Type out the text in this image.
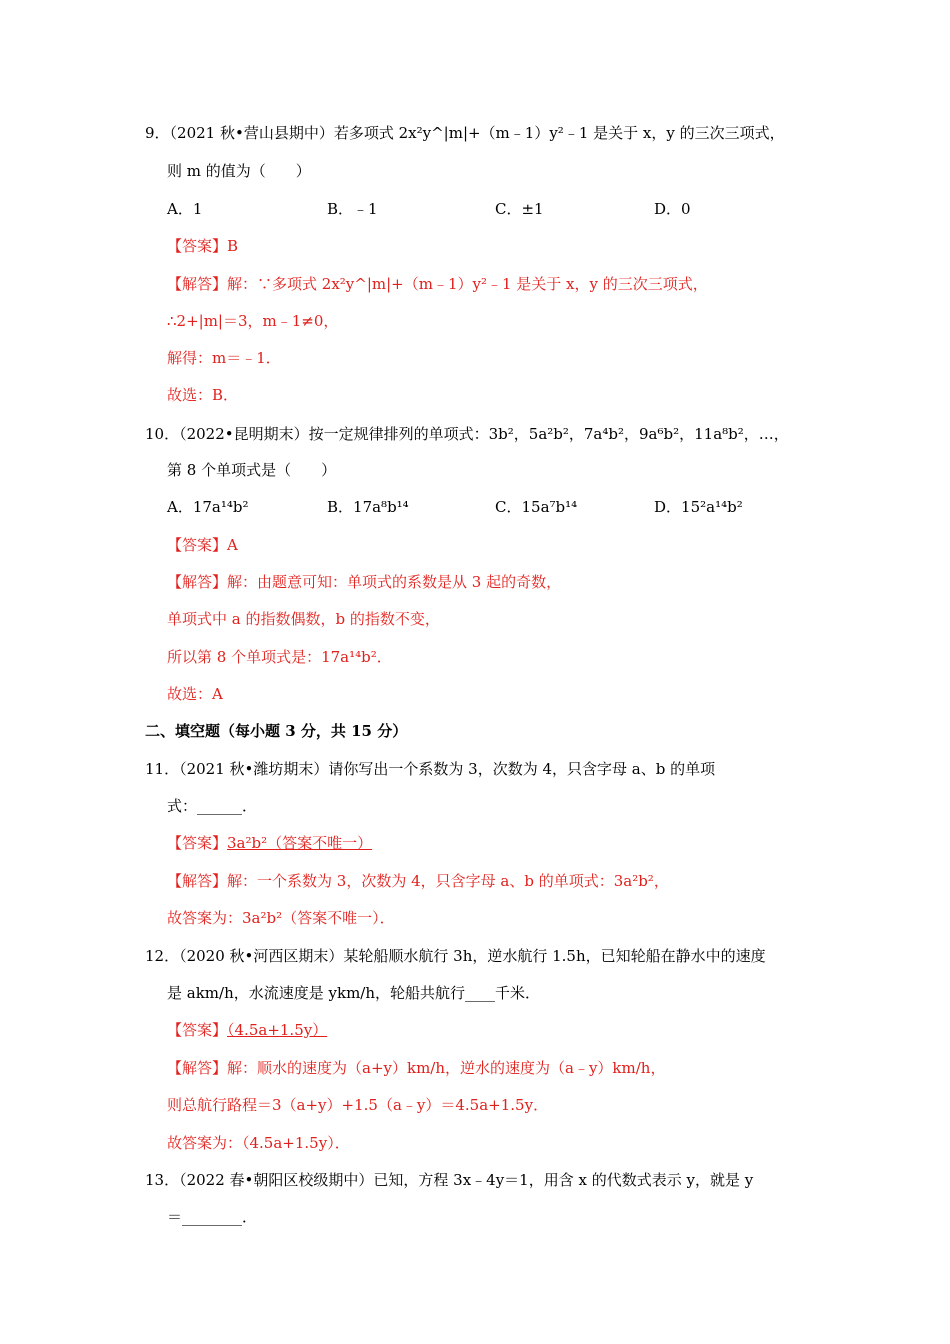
9．（2021 秋•营山县期中）若多项式 2x²y^|m|+（m﹣1）y²﹣1 是关于 x，y 的三次三项式，
则 m 的值为（　　）
A．1	B．﹣1	C．±1	D．0
【答案】B
【解答】解：∵多项式 2x²y^|m|+（m﹣1）y²﹣1 是关于 x，y 的三次三项式，
∴2+|m|＝3，m﹣1≠0，
解得：m＝﹣1．
故选：B．
10．（2022•昆明期末）按一定规律排列的单项式：3b²，5a²b²，7a⁴b²，9a⁶b²，11a⁸b²，…，
第 8 个单项式是（　　）
A．17a¹⁴b²	B．17a⁸b¹⁴	C．15a⁷b¹⁴	D．15²a¹⁴b²
【答案】A
【解答】解：由题意可知：单项式的系数是从 3 起的奇数，
单项式中 a 的指数偶数，b 的指数不变，
所以第 8 个单项式是：17a¹⁴b²．
故选：A
二、填空题（每小题 3 分，共 15 分）
11．（2021 秋•潍坊期末）请你写出一个系数为 3，次数为 4，只含字母 a、b 的单项
式：______．
【答案】3a²b²（答案不唯一）
【解答】解：一个系数为 3，次数为 4，只含字母 a、b 的单项式：3a²b²，
故答案为：3a²b²（答案不唯一）．
12．（2020 秋•河西区期末）某轮船顺水航行 3h，逆水航行 1.5h，已知轮船在静水中的速度
是 akm/h，水流速度是 ykm/h，轮船共航行____千米．
【答案】（4.5a+1.5y）
【解答】解：顺水的速度为（a+y）km/h，逆水的速度为（a﹣y）km/h，
则总航行路程＝3（a+y）+1.5（a﹣y）＝4.5a+1.5y．
故答案为：（4.5a+1.5y）．
13．（2022 春•朝阳区校级期中）已知，方程 3x﹣4y＝1，用含 x 的代数式表示 y，就是 y
＝________．
